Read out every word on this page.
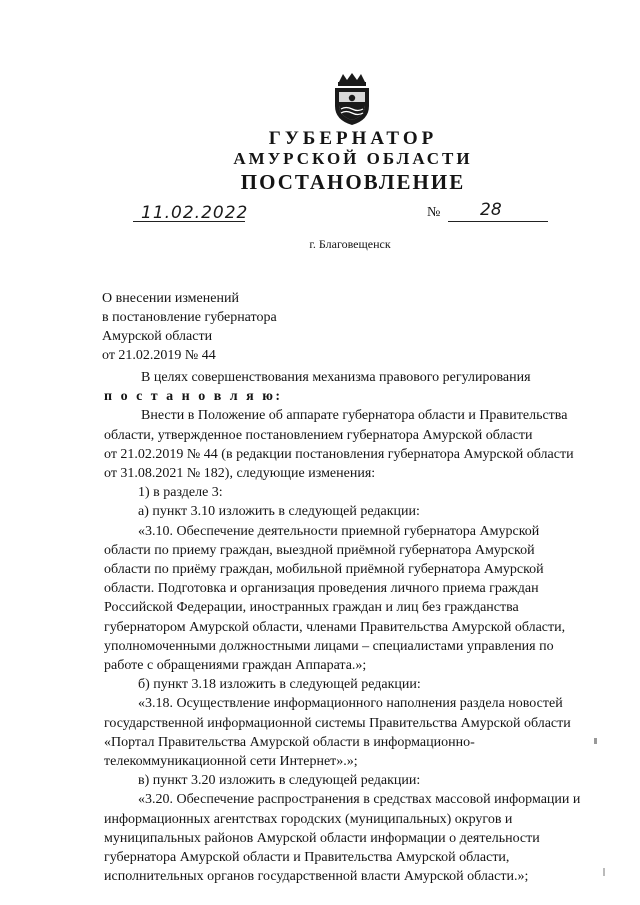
ГУБЕРНАТОР
АМУРСКОЙ ОБЛАСТИ
ПОСТАНОВЛЕНИЕ
11.02.2022	№ 28
г. Благовещенск
О внесении изменений
в постановление губернатора
Амурской области
от 21.02.2019 № 44
В целях совершенствования механизма правового регулирования
п о с т а н о в л я ю:
Внести в Положение об аппарате губернатора области и Правительства
области, утвержденное постановлением губернатора Амурской области
от 21.02.2019 № 44 (в редакции постановления губернатора Амурской области
от 31.08.2021 № 182), следующие изменения:
1) в разделе 3:
а) пункт 3.10 изложить в следующей редакции:
«3.10. Обеспечение деятельности приемной губернатора Амурской
области по приему граждан, выездной приёмной губернатора Амурской
области по приёму граждан, мобильной приёмной губернатора Амурской
области. Подготовка и организация проведения личного приема граждан
Российской Федерации, иностранных граждан и лиц без гражданства
губернатором Амурской области, членами Правительства Амурской области,
уполномоченными должностными лицами – специалистами управления по
работе с обращениями граждан Аппарата.»;
б) пункт 3.18 изложить в следующей редакции:
«3.18. Осуществление информационного наполнения раздела новостей
государственной информационной системы Правительства Амурской области
«Портал Правительства Амурской области в информационно-
телекоммуникационной сети Интернет».»;
в) пункт 3.20 изложить в следующей редакции:
«3.20. Обеспечение распространения в средствах массовой информации и
информационных агентствах городских (муниципальных) округов и
муниципальных районов Амурской области информации о деятельности
губернатора Амурской области и Правительства Амурской области,
исполнительных органов государственной власти Амурской области.»;
